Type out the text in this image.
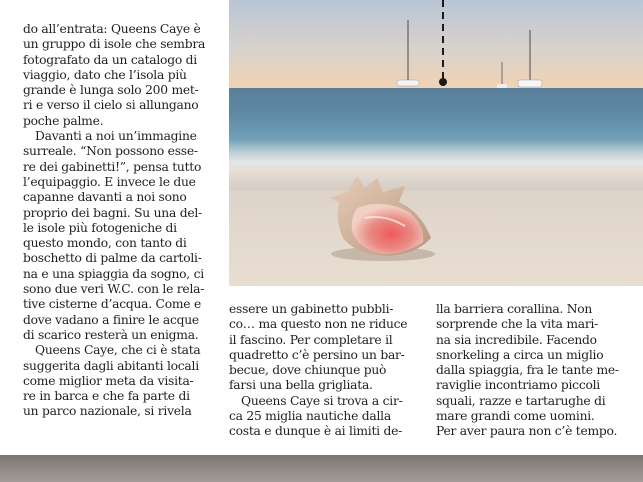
do all’entrata: Queens Caye è
un gruppo di isole che sembra
fotografato da un catalogo di
viaggio, dato che l’isola più
grande è lunga solo 200 met-
ri e verso il cielo si allungano
poche palme.

Davanti a noi un’immagine
surreale. “Non possono esse-
re dei gabinetti!”, pensa tutto
l’equipaggio. E invece le due
capanne davanti a noi sono
proprio dei bagni. Su una del-
le isole più fotogeniche di
questo mondo, con tanto di
boschetto di palme da cartoli-
na e una spiaggia da sogno, ci
sono due veri W.C. con le rela-
tive cisterne d’acqua. Come e
dove vadano a finire le acque
di scarico resterà un enigma.

Queens Caye, che ci è stata
suggerita dagli abitanti locali
come miglior meta da visita-
re in barca e che fa parte di
un parco nazionale, si rivela

essere un gabinetto pubbli-
co… ma questo non ne riduce
il fascino. Per completare il
quadretto c’è persino un bar-
becue, dove chiunque può
farsi una bella grigliata.

Queens Caye si trova a cir-
ca 25 miglia nautiche dalla
costa e dunque è ai limiti de-

lla barriera corallina. Non
sorprende che la vita mari-
na sia incredibile. Facendo
snorkeling a circa un miglio
dalla spiaggia, fra le tante me-
raviglie incontriamo piccoli
squali, razze e tartarughe di
mare grandi come uomini.
Per aver paura non c’è tempo.
